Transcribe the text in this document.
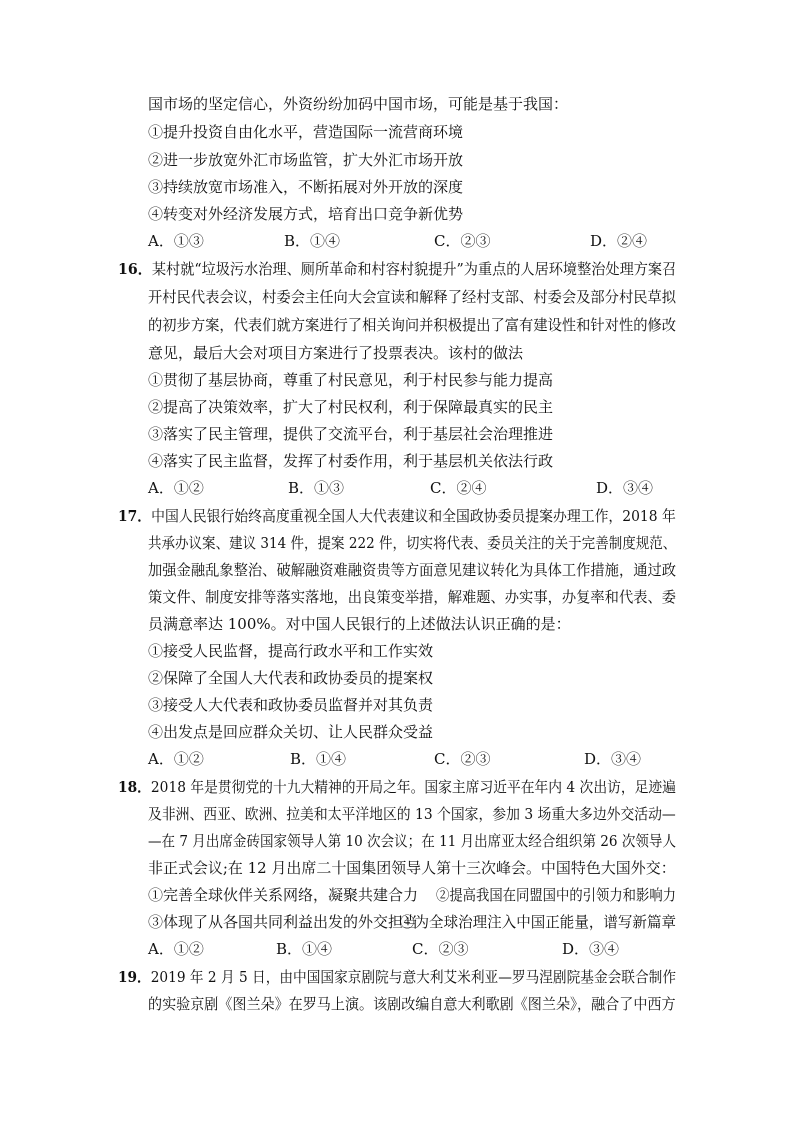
国市场的坚定信心，外资纷纷加码中国市场，可能是基于我国：
①提升投资自由化水平，营造国际一流营商环境
②进一步放宽外汇市场监管，扩大外汇市场开放
③持续放宽市场准入，不断拓展对外开放的深度
④转变对外经济发展方式，培育出口竞争新优势
A．①③	B．①④	C．②③	D．②④
16．某村就“垃圾污水治理、厕所革命和村容村貌提升”为重点的人居环境整治处理方案召
开村民代表会议，村委会主任向大会宣读和解释了经村支部、村委会及部分村民草拟
的初步方案，代表们就方案进行了相关询问并积极提出了富有建设性和针对性的修改
意见，最后大会对项目方案进行了投票表决。该村的做法
①贯彻了基层协商，尊重了村民意见，利于村民参与能力提高
②提高了决策效率，扩大了村民权利，利于保障最真实的民主
③落实了民主管理，提供了交流平台，利于基层社会治理推进
④落实了民主监督，发挥了村委作用，利于基层机关依法行政
A．①②	B．①③	C．②④	D．③④
17．中国人民银行始终高度重视全国人大代表建议和全国政协委员提案办理工作，2018 年
共承办议案、建议 314 件，提案 222 件，切实将代表、委员关注的关于完善制度规范、
加强金融乱象整治、破解融资难融资贵等方面意见建议转化为具体工作措施，通过政
策文件、制度安排等落实落地，出良策变举措，解难题、办实事，办复率和代表、委
员满意率达 100%。对中国人民银行的上述做法认识正确的是：
①接受人民监督，提高行政水平和工作实效
②保障了全国人大代表和政协委员的提案权
③接受人大代表和政协委员监督并对其负责
④出发点是回应群众关切、让人民群众受益
A．①②	B．①④	C．②③	D．③④
18．2018 年是贯彻党的十九大精神的开局之年。国家主席习近平在年内 4 次出访，足迹遍
及非洲、西亚、欧洲、拉美和太平洋地区的 13 个国家，参加 3 场重大多边外交活动—
—在 7 月出席金砖国家领导人第 10 次会议；在 11 月出席亚太经合组织第 26 次领导人
非正式会议;在 12 月出席二十国集团领导人第十三次峰会。中国特色大国外交：
①完善全球伙伴关系网络，凝聚共建合力 ②提高我国在同盟国中的引领力和影响力
③体现了从各国共同利益出发的外交担当
④为全球治理注入中国正能量，谱写新篇章
A．①②	B．①④	C．②③	D．③④
19．2019 年 2 月 5 日，由中国国家京剧院与意大利艾米利亚—罗马涅剧院基金会联合制作
的实验京剧《图兰朵》在罗马上演。该剧改编自意大利歌剧《图兰朵》，融合了中西方
